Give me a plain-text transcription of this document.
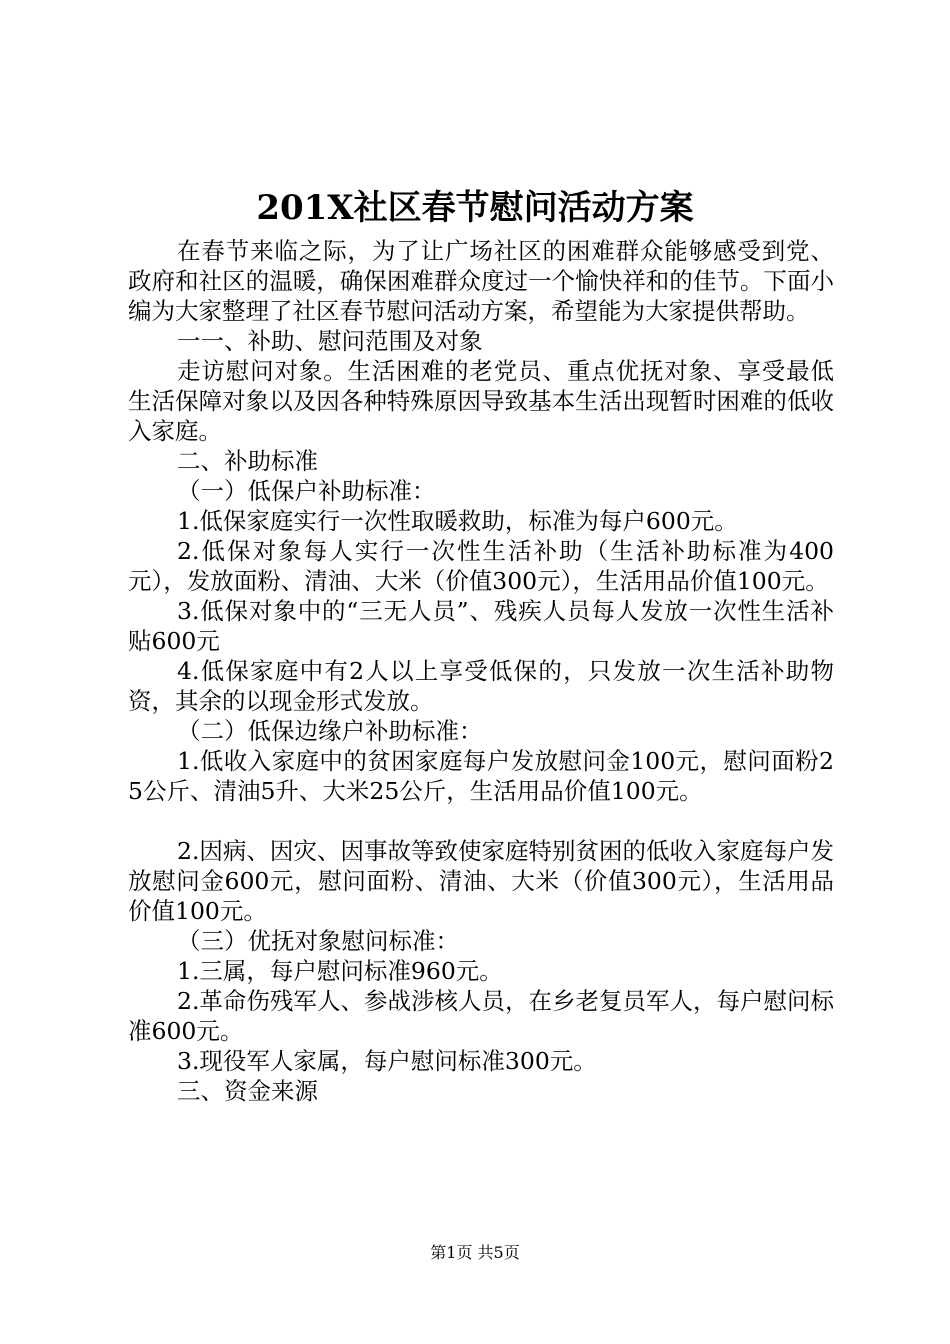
201X社区春节慰问活动方案

在春节来临之际，为了让广场社区的困难群众能够感受到党、政府和社区的温暖，确保困难群众度过一个愉快祥和的佳节。下面小编为大家整理了社区春节慰问活动方案，希望能为大家提供帮助。

一一、补助、慰问范围及对象

走访慰问对象。生活困难的老党员、重点优抚对象、享受最低生活保障对象以及因各种特殊原因导致基本生活出现暂时困难的低收入家庭。

二、补助标准

（一）低保户补助标准：

1.低保家庭实行一次性取暖救助，标准为每户600元。

2.低保对象每人实行一次性生活补助（生活补助标准为400元），发放面粉、清油、大米（价值300元），生活用品价值100元。

3.低保对象中的“三无人员”、残疾人员每人发放一次性生活补贴600元

4.低保家庭中有2人以上享受低保的，只发放一次生活补助物资，其余的以现金形式发放。

（二）低保边缘户补助标准：

1.低收入家庭中的贫困家庭每户发放慰问金100元，慰问面粉25公斤、清油5升、大米25公斤，生活用品价值100元。

2.因病、因灾、因事故等致使家庭特别贫困的低收入家庭每户发放慰问金600元，慰问面粉、清油、大米（价值300元），生活用品价值100元。

（三）优抚对象慰问标准：

1.三属，每户慰问标准960元。

2.革命伤残军人、参战涉核人员，在乡老复员军人，每户慰问标准600元。

3.现役军人家属，每户慰问标准300元。

三、资金来源

第1页 共5页
